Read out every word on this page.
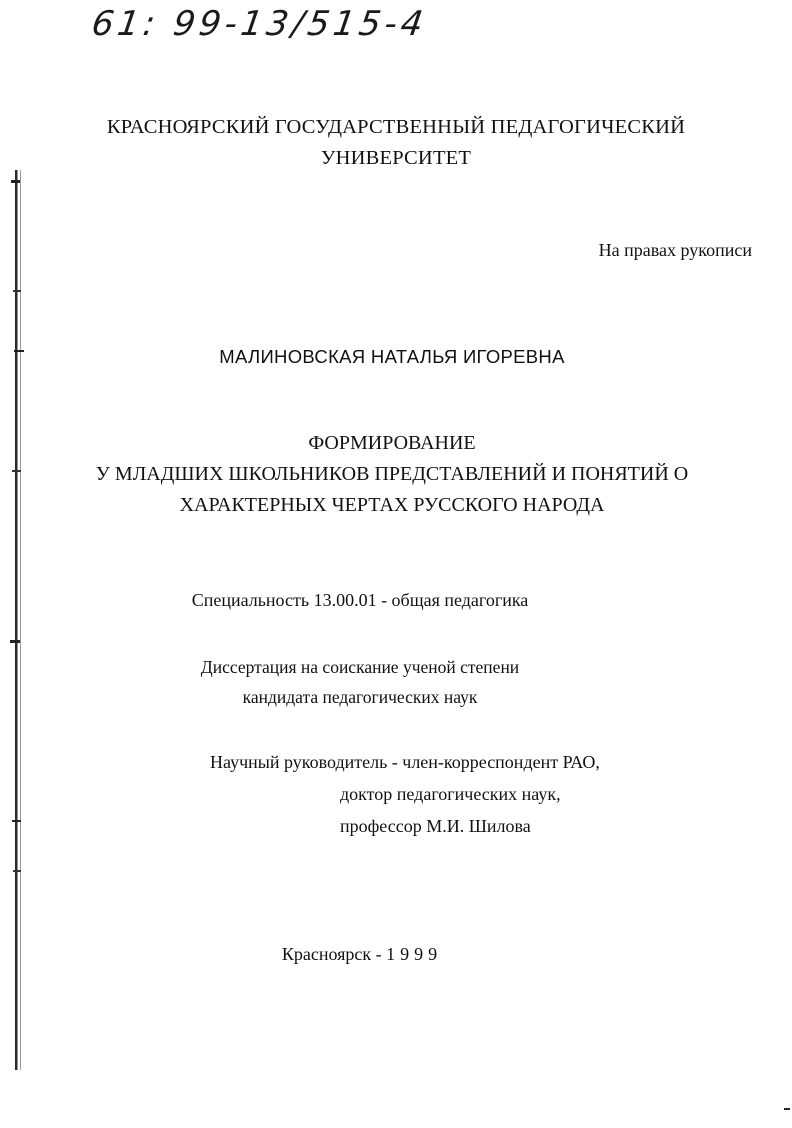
61: 99-13/515-4
КРАСНОЯРСКИЙ ГОСУДАРСТВЕННЫЙ ПЕДАГОГИЧЕСКИЙ
УНИВЕРСИТЕТ
На правах рукописи
МАЛИНОВСКАЯ НАТАЛЬЯ ИГОРЕВНА
ФОРМИРОВАНИЕ
У МЛАДШИХ ШКОЛЬНИКОВ ПРЕДСТАВЛЕНИЙ И ПОНЯТИЙ О
ХАРАКТЕРНЫХ ЧЕРТАХ РУССКОГО НАРОДА
Специальность 13.00.01 - общая педагогика
Диссертация на соискание ученой степени
кандидата педагогических наук
Научный руководитель - член-корреспондент РАО,
доктор педагогических наук,
профессор М.И. Шилова
Красноярск - 1999
